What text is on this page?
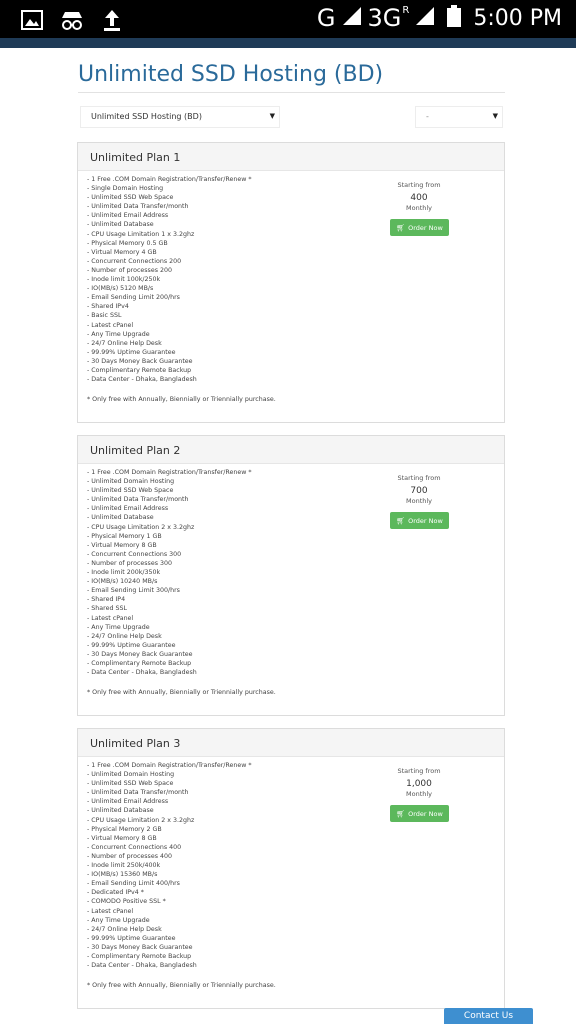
G 3G R	5:00 PM
Unlimited SSD Hosting (BD)
Unlimited SSD Hosting (BD)	▼	-	▼
Unlimited Plan 1
- 1 Free .COM Domain Registration/Transfer/Renew *
- Single Domain Hosting
- Unlimited SSD Web Space
- Unlimited Data Transfer/month
- Unlimited Email Address
- Unlimited Database
- CPU Usage Limitation 1 x 3.2ghz
- Physical Memory 0.5 GB
- Virtual Memory 4 GB
- Concurrent Connections 200
- Number of processes 200
- Inode limit 100k/250k
- IO(MB/s) 5120 MB/s
- Email Sending Limit 200/hrs
- Shared IPv4
- Basic SSL
- Latest cPanel
- Any Time Upgrade
- 24/7 Online Help Desk
- 99.99% Uptime Guarantee
- 30 Days Money Back Guarantee
- Complimentary Remote Backup
- Data Center - Dhaka, Bangladesh
* Only free with Annually, Biennially or Triennially purchase.
Starting from
400
Monthly
🛒︎ Order Now
Unlimited Plan 2
- 1 Free .COM Domain Registration/Transfer/Renew *
- Unlimited Domain Hosting
- Unlimited SSD Web Space
- Unlimited Data Transfer/month
- Unlimited Email Address
- Unlimited Database
- CPU Usage Limitation 2 x 3.2ghz
- Physical Memory 1 GB
- Virtual Memory 8 GB
- Concurrent Connections 300
- Number of processes 300
- Inode limit 200k/350k
- IO(MB/s) 10240 MB/s
- Email Sending Limit 300/hrs
- Shared IP4
- Shared SSL
- Latest cPanel
- Any Time Upgrade
- 24/7 Online Help Desk
- 99.99% Uptime Guarantee
- 30 Days Money Back Guarantee
- Complimentary Remote Backup
- Data Center - Dhaka, Bangladesh
* Only free with Annually, Biennially or Triennially purchase.
Starting from
700
Monthly
🛒︎ Order Now
Unlimited Plan 3
- 1 Free .COM Domain Registration/Transfer/Renew *
- Unlimited Domain Hosting
- Unlimited SSD Web Space
- Unlimited Data Transfer/month
- Unlimited Email Address
- Unlimited Database
- CPU Usage Limitation 2 x 3.2ghz
- Physical Memory 2 GB
- Virtual Memory 8 GB
- Concurrent Connections 400
- Number of processes 400
- Inode limit 250k/400k
- IO(MB/s) 15360 MB/s
- Email Sending Limit 400/hrs
- Dedicated IPv4 *
- COMODO Positive SSL *
- Latest cPanel
- Any Time Upgrade
- 24/7 Online Help Desk
- 99.99% Uptime Guarantee
- 30 Days Money Back Guarantee
- Complimentary Remote Backup
- Data Center - Dhaka, Bangladesh
* Only free with Annually, Biennially or Triennially purchase.
Starting from
1,000
Monthly
🛒︎ Order Now
Contact Us
